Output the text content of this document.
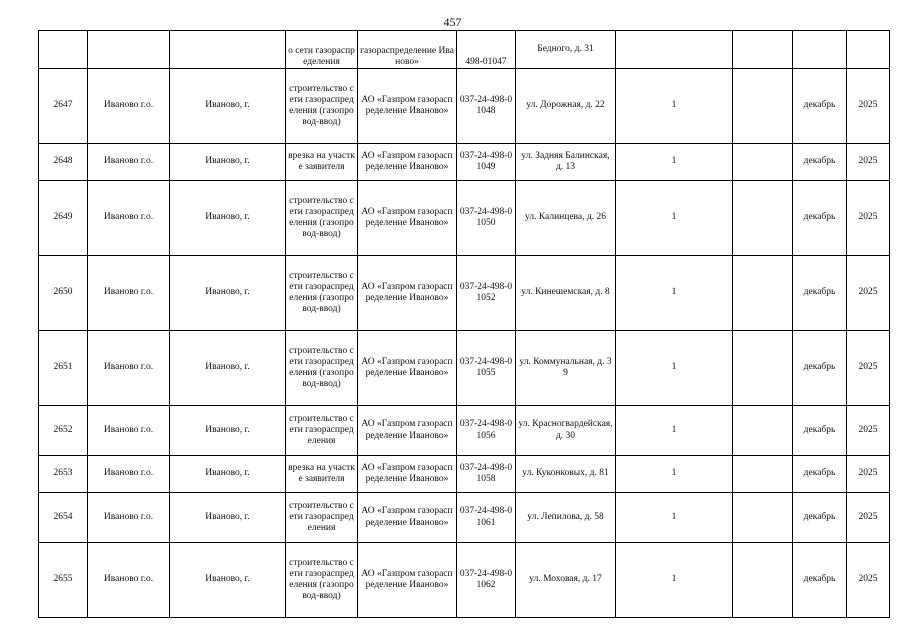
457
			о сети газораспределения	газораспределение Иваново»	498-01047	Бедного, д. 31				
2647	Иваново г.о.	Иваново, г.	строительство сети газораспределения (газопровод-ввод)	АО «Газпром газораспределение Иваново»	037-24-498-01048	ул. Дорожная, д. 22	1		декабрь	2025
2648	Иваново г.о.	Иваново, г.	врезка на участке заявителя	АО «Газпром газораспределение Иваново»	037-24-498-01049	ул. Задняя Балинская, д. 13	1		декабрь	2025
2649	Иваново г.о.	Иваново, г.	строительство сети газораспределения (газопровод-ввод)	АО «Газпром газораспределение Иваново»	037-24-498-01050	ул. Калинцева, д. 26	1		декабрь	2025
2650	Иваново г.о.	Иваново, г.	строительство сети газораспределения (газопровод-ввод)	АО «Газпром газораспределение Иваново»	037-24-498-01052	ул. Кинешемская, д. 8	1		декабрь	2025
2651	Иваново г.о.	Иваново, г.	строительство сети газораспределения (газопровод-ввод)	АО «Газпром газораспределение Иваново»	037-24-498-01055	ул. Коммунальная, д. 39	1		декабрь	2025
2652	Иваново г.о.	Иваново, г.	строительство сети газораспределения	АО «Газпром газораспределение Иваново»	037-24-498-01056	ул. Красногвардейская, д. 30	1		декабрь	2025
2653	Иваново г.о.	Иваново, г.	врезка на участке заявителя	АО «Газпром газораспределение Иваново»	037-24-498-01058	ул. Куконковых, д. 81	1		декабрь	2025
2654	Иваново г.о.	Иваново, г.	строительство сети газораспределения	АО «Газпром газораспределение Иваново»	037-24-498-01061	ул. Лепилова, д. 58	1		декабрь	2025
2655	Иваново г.о.	Иваново, г.	строительство сети газораспределения (газопровод-ввод)	АО «Газпром газораспределение Иваново»	037-24-498-01062	ул. Моховая, д. 17	1		декабрь	2025
